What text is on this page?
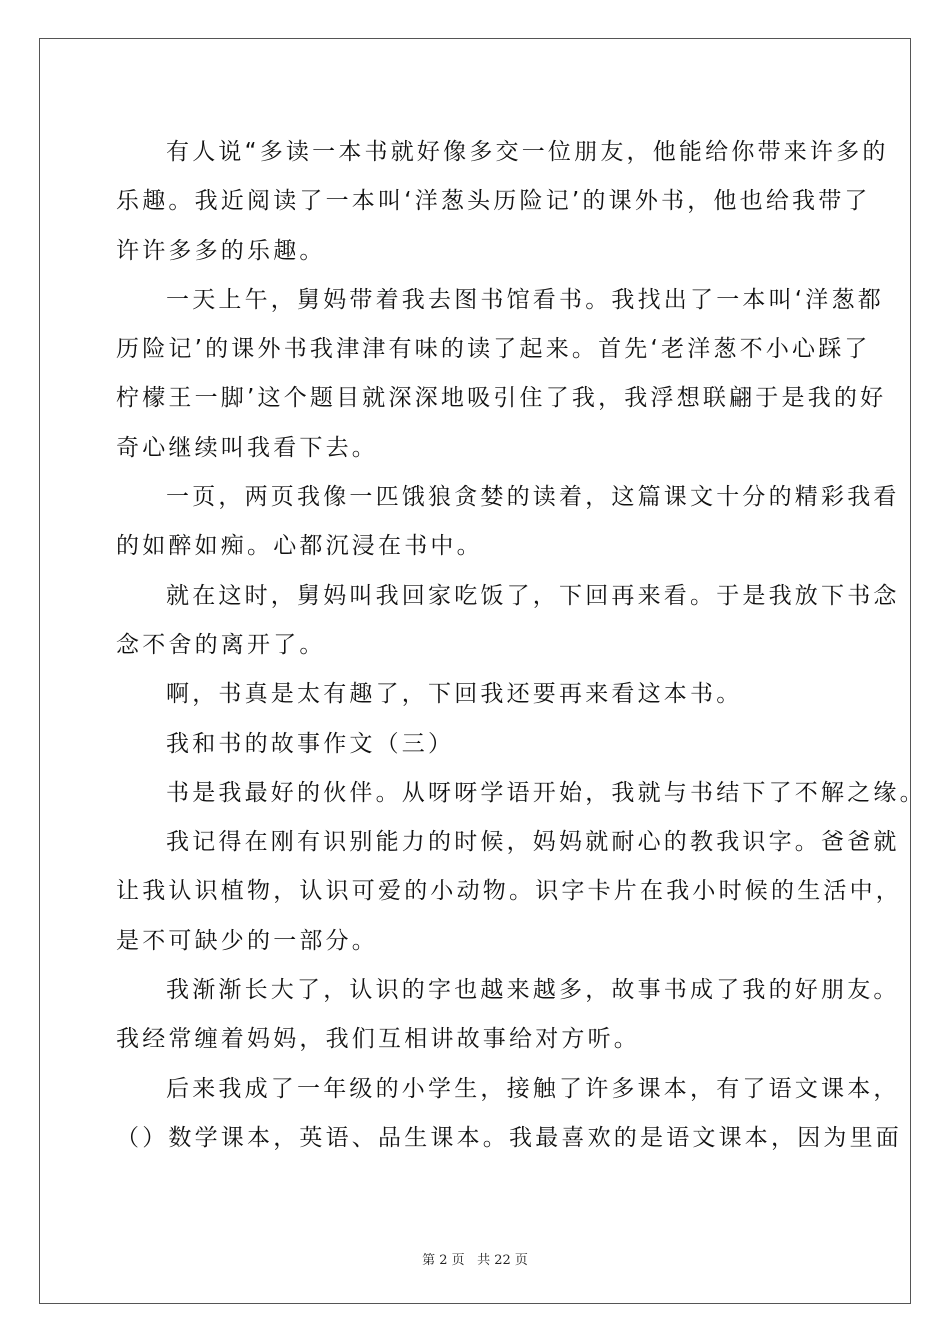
有人说“多读一本书就好像多交一位朋友，他能给你带来许多的
乐趣。我近阅读了一本叫‘洋葱头历险记’的课外书，他也给我带了
许许多多的乐趣。
一天上午，舅妈带着我去图书馆看书。我找出了一本叫‘洋葱都
历险记’的课外书我津津有味的读了起来。首先‘老洋葱不小心踩了
柠檬王一脚’这个题目就深深地吸引住了我，我浮想联翩于是我的好
奇心继续叫我看下去。
一页，两页我像一匹饿狼贪婪的读着，这篇课文十分的精彩我看
的如醉如痴。心都沉浸在书中。
就在这时，舅妈叫我回家吃饭了，下回再来看。于是我放下书念
念不舍的离开了。
啊，书真是太有趣了，下回我还要再来看这本书。
我和书的故事作文（三）
书是我最好的伙伴。从呀呀学语开始，我就与书结下了不解之缘。
我记得在刚有识别能力的时候，妈妈就耐心的教我识字。爸爸就
让我认识植物，认识可爱的小动物。识字卡片在我小时候的生活中，
是不可缺少的一部分。
我渐渐长大了，认识的字也越来越多，故事书成了我的好朋友。
我经常缠着妈妈，我们互相讲故事给对方听。
后来我成了一年级的小学生，接触了许多课本，有了语文课本，
（）数学课本，英语、品生课本。我最喜欢的是语文课本，因为里面
第 2 页 共 22 页
